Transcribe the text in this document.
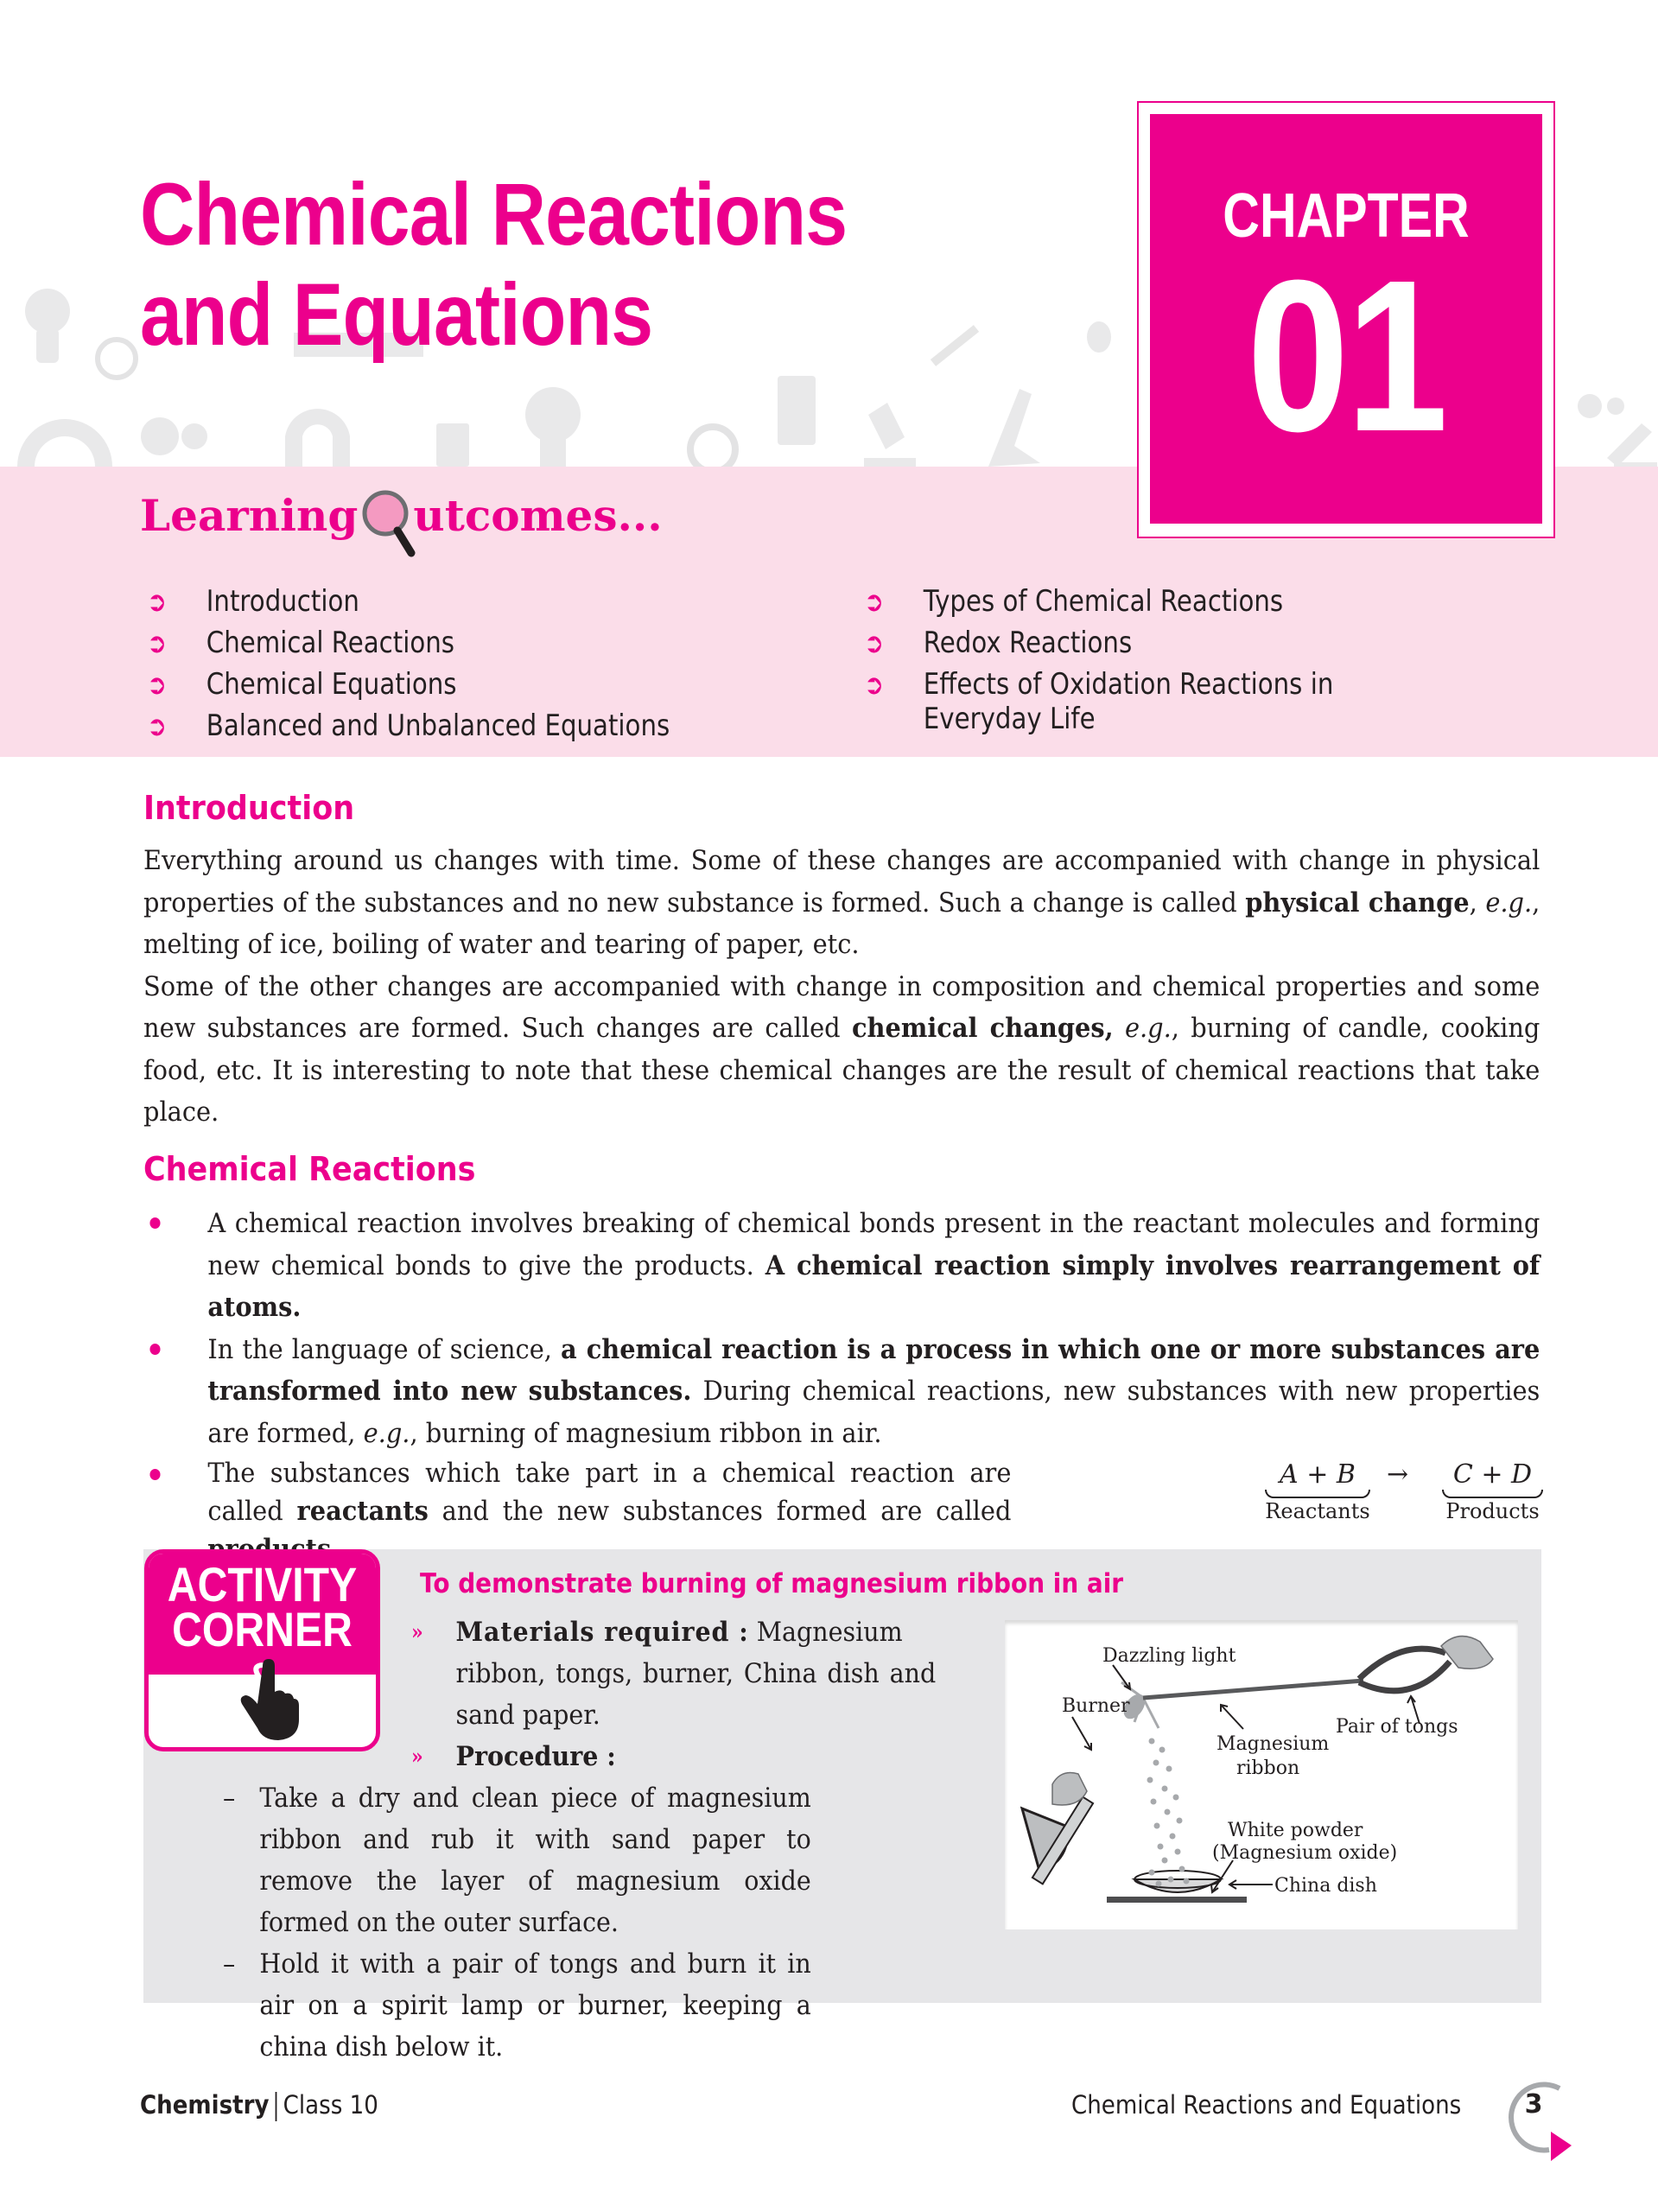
Chemical Reactions
and Equations
CHAPTER
01
Learning utcomes...
➲	Introduction
➲	Chemical Reactions
➲	Chemical Equations
➲	Balanced and Unbalanced Equations
➲	Types of Chemical Reactions
➲	Redox Reactions
➲	Effects of Oxidation Reactions in
Everyday Life
Introduction

Everything around us changes with time. Some of these changes are accompanied with change in physical properties of the substances and no new substance is formed. Such a change is called physical change, e.g., melting of ice, boiling of water and tearing of paper, etc.

Some of the other changes are accompanied with change in composition and chemical properties and some new substances are formed. Such changes are called chemical changes, e.g., burning of candle, cooking food, etc. It is interesting to note that these chemical changes are the result of chemical reactions that take place.

Chemical Reactions
A chemical reaction involves breaking of chemical bonds present in the reactant molecules and forming new chemical bonds to give the products. A chemical reaction simply involves rearrangement of atoms.
In the language of science, a chemical reaction is a process in which one or more substances are transformed into new substances. During chemical reactions, new substances with new properties are formed, e.g., burning of magnesium ribbon in air.
The substances which take part in a chemical reaction are called reactants and the new substances formed are called
A + B
Reactants
→	C + D
Products
ACTIVITY
CORNER
To demonstrate burning of magnesium ribbon in air
»	Materials required : Magnesium
ribbon, tongs, burner, China dish and sand paper.
»	Procedure :
– Take a dry and clean piece of magnesium ribbon and rub it with sand paper to remove the layer of magnesium oxide formed on the outer surface.
– Hold it with a pair of tongs and burn it in air on a spirit lamp or burner, keeping a china dish below it.
Dazzling light
Burner
Pair of tongs
Magnesium
ribbon
White powder
(Magnesium oxide)
China dish
Chemistry Class 10	Chemical Reactions and Equations	3
